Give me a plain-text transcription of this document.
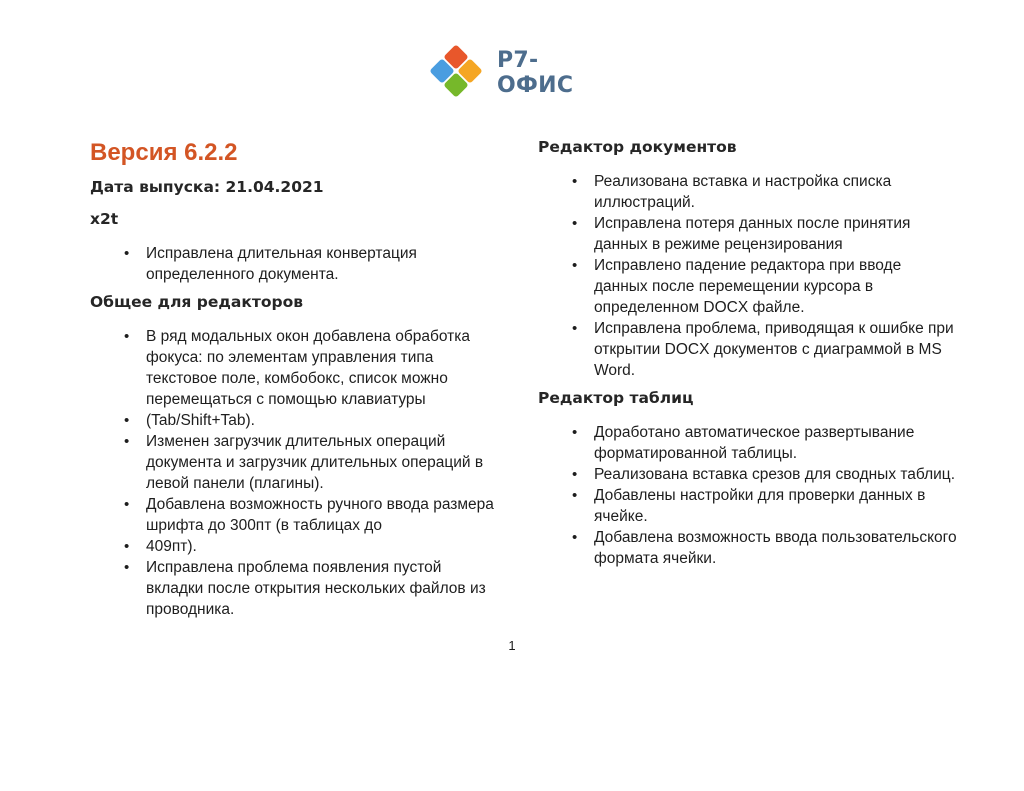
Р7-ОФИС
Версия 6.2.2

Дата выпуска: 21.04.2021

x2t

• Исправлена длительная конвертация определенного документа.

Общее для редакторов

• В ряд модальных окон добавлена обработка фокуса: по элементам управления типа текстовое поле, комбобокс, список можно перемещаться с помощью клавиатуры
• (Tab/Shift+Tab).
• Изменен загрузчик длительных операций документа и загрузчик длительных операций в левой панели (плагины).
• Добавлена возможность ручного ввода размера шрифта до 300пт (в таблицах до
• 409пт).
• Исправлена проблема появления пустой вкладки после открытия нескольких файлов из проводника.

Редактор документов

• Реализована вставка и настройка списка иллюстраций.
• Исправлена потеря данных после принятия данных в режиме рецензирования
• Исправлено падение редактора при вводе данных после перемещении курсора в определенном DOCX файле.
• Исправлена проблема, приводящая к ошибке при открытии DOCX документов с диаграммой в MS Word.

Редактор таблиц

• Доработано автоматическое развертывание форматированной таблицы.
• Реализована вставка срезов для сводных таблиц.
• Добавлены настройки для проверки данных в ячейке.
• Добавлена возможность ввода пользовательского формата ячейки.
1
